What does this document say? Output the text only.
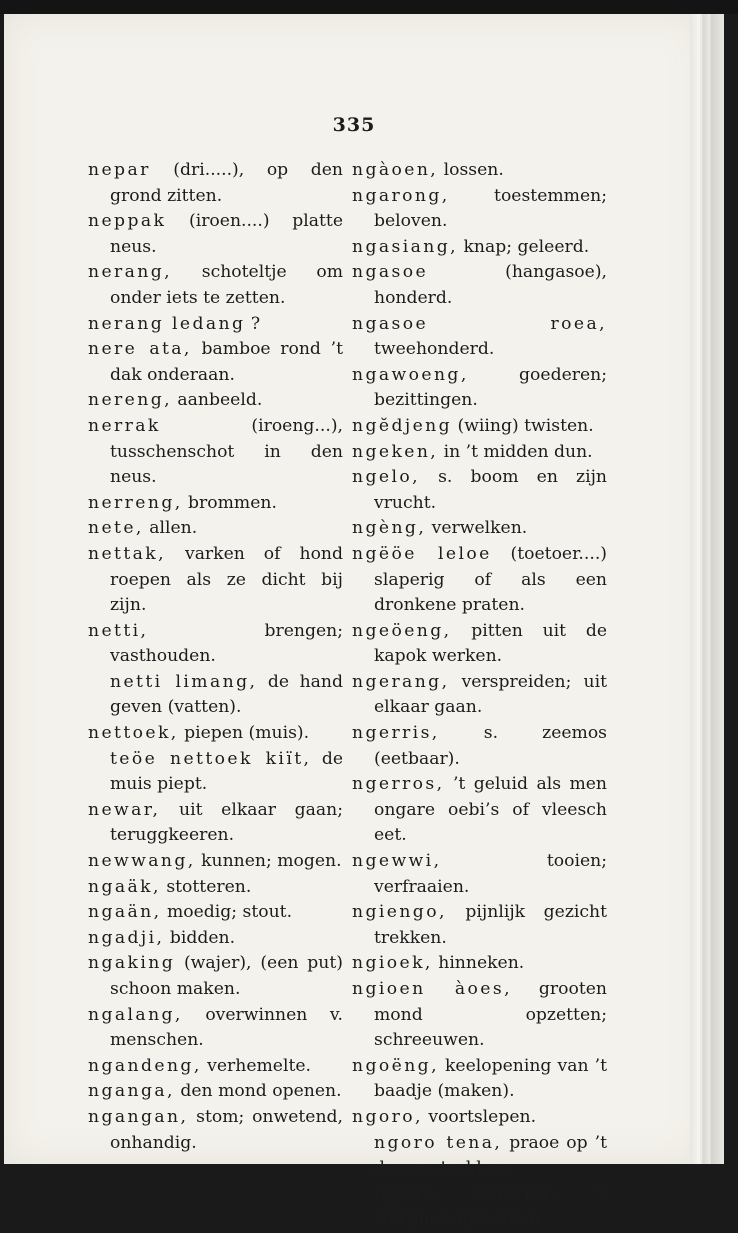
335

nepar (dri.....), op den grond zitten.

neppak (iroen....) platte neus.

nerang, schoteltje om onder iets te zetten.

nerang ledang ?

nere ata, bamboe rond ’t dak onderaan.

nereng, aanbeeld.

nerrak (iroeng...), tusschenschot in den neus.

nerreng, brommen.

nete, allen.

nettak, varken of hond roepen als ze dicht bij zijn.

netti, brengen; vasthouden.

netti limang, de hand geven (vatten).

nettoek, piepen (muis).

teöe nettoek kiït, de muis piept.

newar, uit elkaar gaan; teruggkeeren.

newwang, kunnen; mogen.

ngaäk, stotteren.

ngaän, moedig; stout.

ngadji, bidden.

ngaking (wajer), (een put) schoon maken.

ngalang, overwinnen v. menschen.

ngandeng, verhemelte.

nganga, den mond openen.

ngangan, stom; onwetend, onhandig.

ngàoen, lossen.

ngarong, toestemmen; beloven.

ngasiang, knap; geleerd.

ngasoe (hangasoe), honderd.

ngasoe roea, tweehonderd.

ngawoeng, goederen; bezittingen.

ngĕdjeng (wiing) twisten.

ngeken, in ’t midden dun.

ngelo, s. boom en zijn vrucht.

ngèng, verwelken.

ngëöe leloe (toetoer....) slaperig of als een dronkene praten.

ngeöeng, pitten uit de kapok werken.

ngerang, verspreiden; uit elkaar gaan.

ngerris, s. zeemos (eetbaar).

ngerros, ’t geluid als men ongare oebi’s of vleesch eet.

ngewwi, tooien; verfraaien.

ngiengo, pijnlijk gezicht trekken.

ngioek, hinneken.

ngioen àoes, grooten mond opzetten; schreeuwen.

ngoëng, keelopening van ’t baadje (maken).

ngoro, voortslepen.

ngoro tena, praoe op ’t drooge trekken.

ngoro rabang, ’t werpnet optrekken.
